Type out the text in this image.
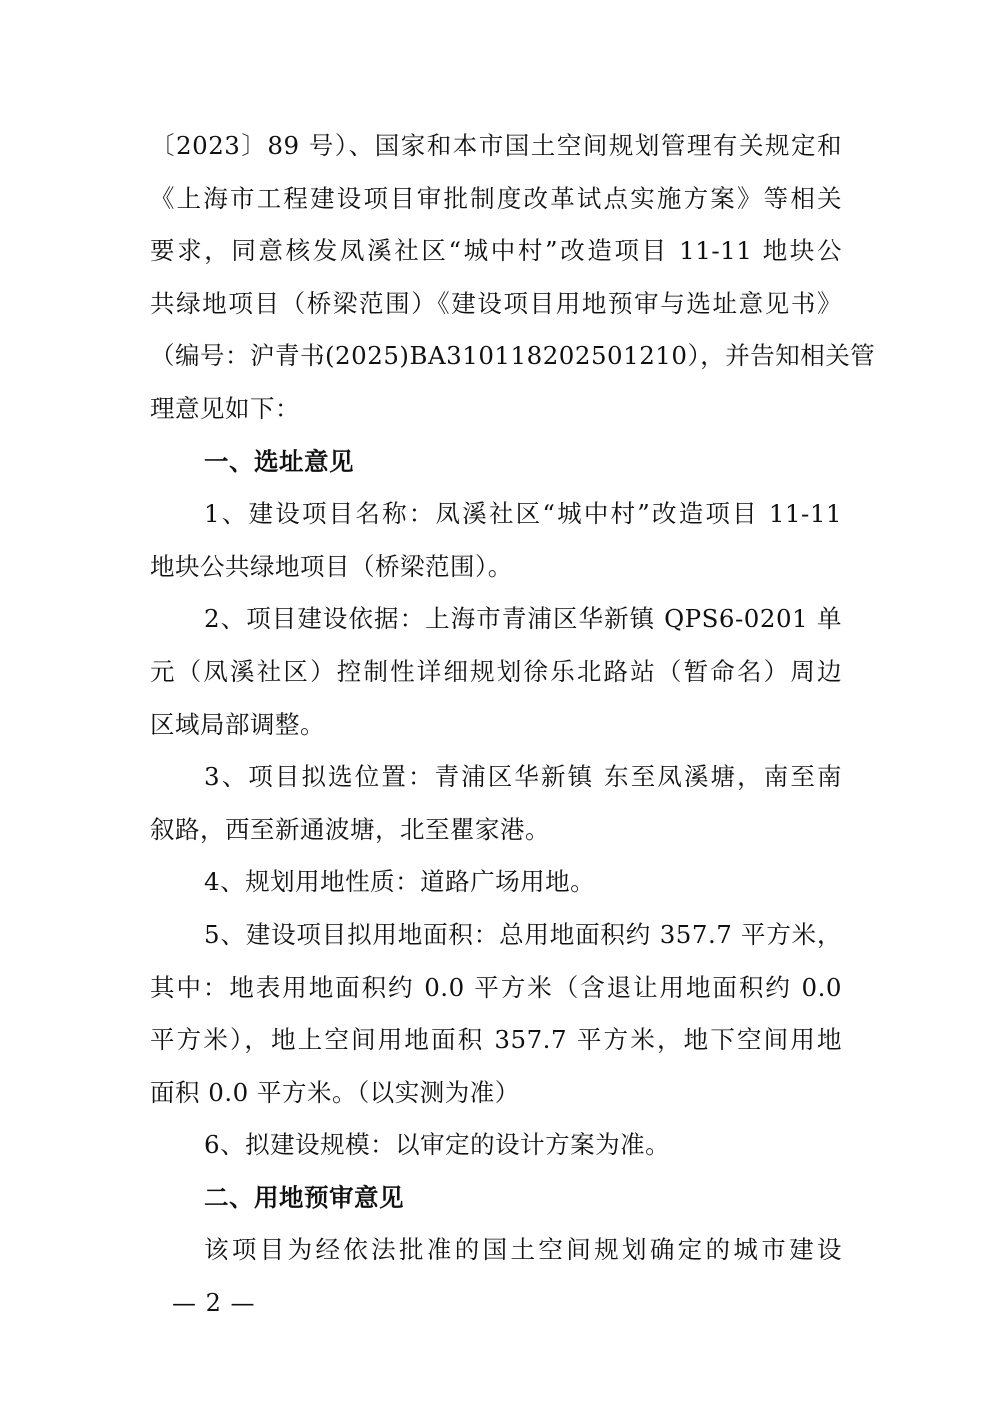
〔2023〕89 号）、国家和本市国土空间规划管理有关规定和
《上海市工程建设项目审批制度改革试点实施方案》等相关
要求，同意核发凤溪社区“城中村”改造项目 11-11 地块公
共绿地项目（桥梁范围）《建设项目用地预审与选址意见书》
（编号：沪青书(2025)BA310118202501210），并告知相关管
理意见如下：
一、选址意见
1、建设项目名称：凤溪社区“城中村”改造项目 11-11
地块公共绿地项目（桥梁范围）。
2、项目建设依据：上海市青浦区华新镇 QPS6-0201 单
元（凤溪社区）控制性详细规划徐乐北路站（暂命名）周边
区域局部调整。
3、项目拟选位置：青浦区华新镇 东至凤溪塘，南至南
叙路，西至新通波塘，北至瞿家港。
4、规划用地性质：道路广场用地。
5、建设项目拟用地面积：总用地面积约 357.7 平方米，
其中：地表用地面积约 0.0 平方米（含退让用地面积约 0.0
平方米），地上空间用地面积 357.7 平方米，地下空间用地
面积 0.0 平方米。（以实测为准）
6、拟建设规模：以审定的设计方案为准。
二、用地预审意见
该项目为经依法批准的国土空间规划确定的城市建设
— 2 —
